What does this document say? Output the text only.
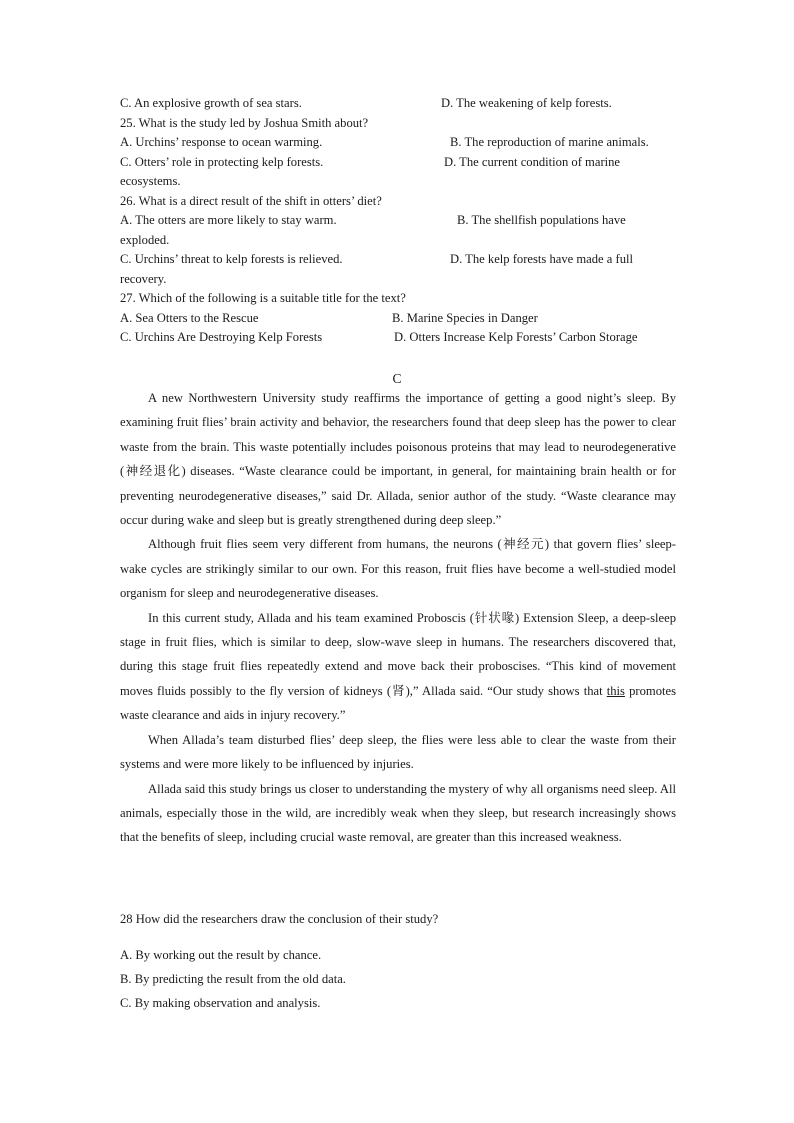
C. An explosive growth of sea stars.	D. The weakening of kelp forests.
25. What is the study led by Joshua Smith about?
A. Urchins’ response to ocean warming.	B. The reproduction of marine animals.
C. Otters’ role in protecting kelp forests.	D. The current condition of marine
ecosystems.
26. What is a direct result of the shift in otters’ diet?
A. The otters are more likely to stay warm.	B. The shellfish populations have
exploded.
C. Urchins’ threat to kelp forests is relieved.	D. The kelp forests have made a full
recovery.
27. Which of the following is a suitable title for the text?
A. Sea Otters to the Rescue	B. Marine Species in Danger
C. Urchins Are Destroying Kelp Forests	D. Otters Increase Kelp Forests’ Carbon Storage
C

A new Northwestern University study reaffirms the importance of getting a good night’s sleep. By examining fruit flies’ brain activity and behavior, the researchers found that deep sleep has the power to clear waste from the brain. This waste potentially includes poisonous proteins that may lead to neurodegenerative (神经退化) diseases. “Waste clearance could be important, in general, for maintaining brain health or for preventing neurodegenerative diseases,” said Dr. Allada, senior author of the study. “Waste clearance may occur during wake and sleep but is greatly strengthened during deep sleep.”

Although fruit flies seem very different from humans, the neurons (神经元) that govern flies’ sleep-wake cycles are strikingly similar to our own. For this reason, fruit flies have become a well-studied model organism for sleep and neurodegenerative diseases.

In this current study, Allada and his team examined Proboscis (针状喙) Extension Sleep, a deep-sleep stage in fruit flies, which is similar to deep, slow-wave sleep in humans. The researchers discovered that, during this stage fruit flies repeatedly extend and move back their proboscises. “This kind of movement moves fluids possibly to the fly version of kidneys (肾),” Allada said. “Our study shows that this promotes waste clearance and aids in injury recovery.”

When Allada’s team disturbed flies’ deep sleep, the flies were less able to clear the waste from their systems and were more likely to be influenced by injuries.

Allada said this study brings us closer to understanding the mystery of why all organisms need sleep. All animals, especially those in the wild, are incredibly weak when they sleep, but research increasingly shows that the benefits of sleep, including crucial waste removal, are greater than this increased weakness.

28 How did the researchers draw the conclusion of their study?
A. By working out the result by chance.
B. By predicting the result from the old data.
C. By making observation and analysis.
